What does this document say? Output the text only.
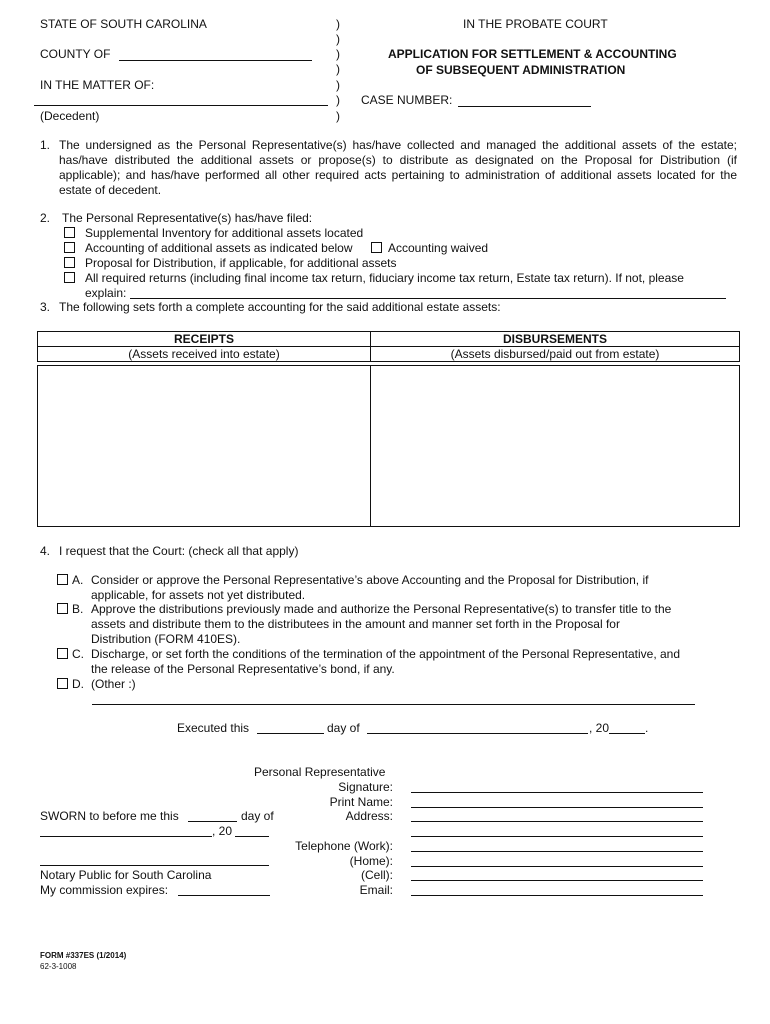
STATE OF SOUTH CAROLINA
COUNTY OF
IN THE MATTER OF:
(Decedent)
)
)
)
)
)
)
)
IN THE PROBATE COURT
APPLICATION FOR SETTLEMENT & ACCOUNTING
OF SUBSEQUENT ADMINISTRATION
CASE NUMBER:
1. The undersigned as the Personal Representative(s) has/have collected and managed the additional assets of the estate; has/have distributed the additional assets or propose(s) to distribute as designated on the Proposal for Distribution (if applicable); and has/have performed all other required acts pertaining to administration of additional assets located for the estate of decedent.
2. The Personal Representative(s) has/have filed:
Supplemental Inventory for additional assets located
Accounting of additional assets as indicated below	Accounting waived
Proposal for Distribution, if applicable, for additional assets
All required returns (including final income tax return, fiduciary income tax return, Estate tax return). If not, please
explain:
3. The following sets forth a complete accounting for the said additional estate assets:
RECEIPTS	DISBURSEMENTS
(Assets received into estate)	(Assets disbursed/paid out from estate)
4. I request that the Court: (check all that apply)
A. Consider or approve the Personal Representative’s above Accounting and the Proposal for Distribution, if
applicable, for assets not yet distributed.
B. Approve the distributions previously made and authorize the Personal Representative(s) to transfer title to the
assets and distribute them to the distributees in the amount and manner set forth in the Proposal for
Distribution (FORM 410ES).
C. Discharge, or set forth the conditions of the termination of the appointment of the Personal Representative, and
the release of the Personal Representative’s bond, if any.
D. (Other :)
Executed this	day of	, 20	.
Personal Representative
Signature:
Print Name:
Address:
Telephone (Work):
(Home):
(Cell):
Email:
SWORN to before me this	day of
, 20
Notary Public for South Carolina
My commission expires:
FORM #337ES (1/2014)
62-3-1008
